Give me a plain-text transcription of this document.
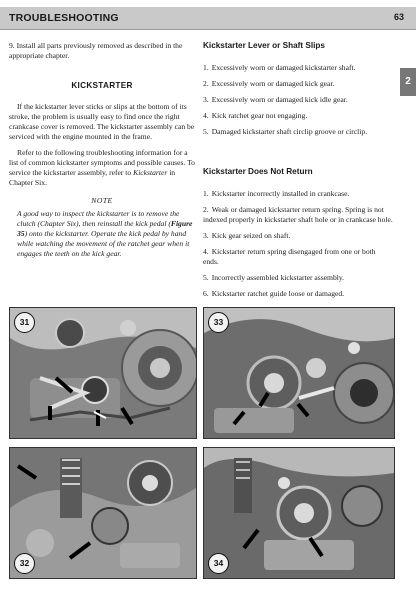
TROUBLESHOOTING	63
2

9. Install all parts previously removed as described in the appropriate chapter.

KICKSTARTER

If the kickstarter lever sticks or slips at the bottom of its stroke, the problem is usually easy to find once the right crankcase cover is removed. The kickstarter assembly can be serviced with the engine mounted in the frame.

Refer to the following troubleshooting information for a list of common kickstarter symptoms and possible causes. To service the kickstarter assembly, refer to Kickstarter in Chapter Six.

NOTE

A good way to inspect the kickstarter is to remove the clutch (Chapter Six), then reinstall the kick pedal (Figure 35) onto the kickstarter. Operate the kick pedal by hand while watching the movement of the ratchet gear when it engages the teeth on the kick gear.

Kickstarter Lever or Shaft Slips
1. Excessively worn or damaged kickstarter shaft.
2. Excessively worn or damaged kick gear.
3. Excessively worn or damaged kick idle gear.
4. Kick ratchet gear not engaging.
5. Damaged kickstarter shaft circlip groove or circlip.
Kickstarter Does Not Return
1. Kickstarter incorrectly installed in crankcase.
2. Weak or damaged kickstarter return spring. Spring is not indexed properly in kickstarter shaft hole or in crankcase hole.
3. Kick gear seized on shaft.
4. Kickstarter return spring disengaged from one or both ends.
5. Incorrectly assembled kickstarter assembly.
6. Kickstarter ratchet guide loose or damaged.
31	33
32	34
